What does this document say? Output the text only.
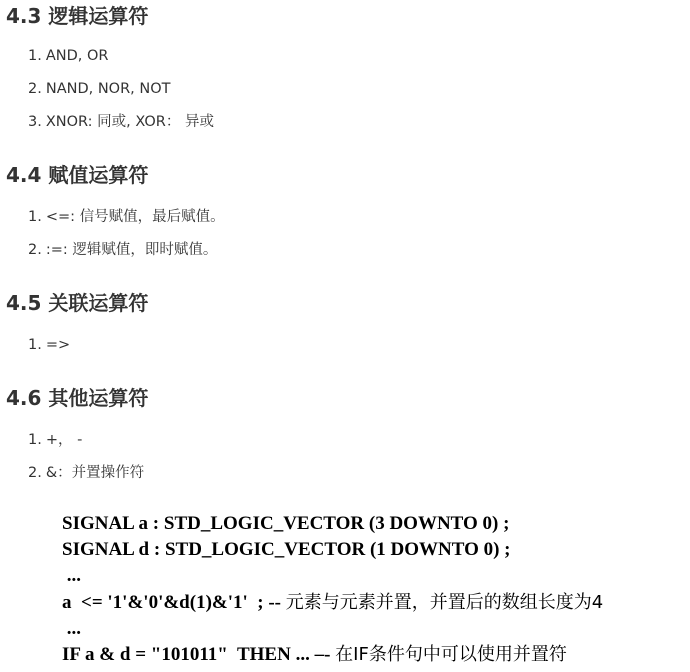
4.3 逻辑运算符
1. AND, OR
2. NAND, NOR, NOT
3. XNOR: 同或, XOR： 异或
4.4 赋值运算符
1. <=: 信号赋值，最后赋值。
2. :=: 逻辑赋值，即时赋值。
4.5 关联运算符
1. =>
4.6 其他运算符
1. +， -
2. &：并置操作符
SIGNAL a : STD_LOGIC_VECTOR (3 DOWNTO 0) ;
SIGNAL d : STD_LOGIC_VECTOR (1 DOWNTO 0) ;
...
a  <= '1'&'0'&d(1)&'1'  ; -- 元素与元素并置，并置后的数组长度为4
...
IF a & d = "101011"  THEN ... –- 在IF条件句中可以使用并置符
